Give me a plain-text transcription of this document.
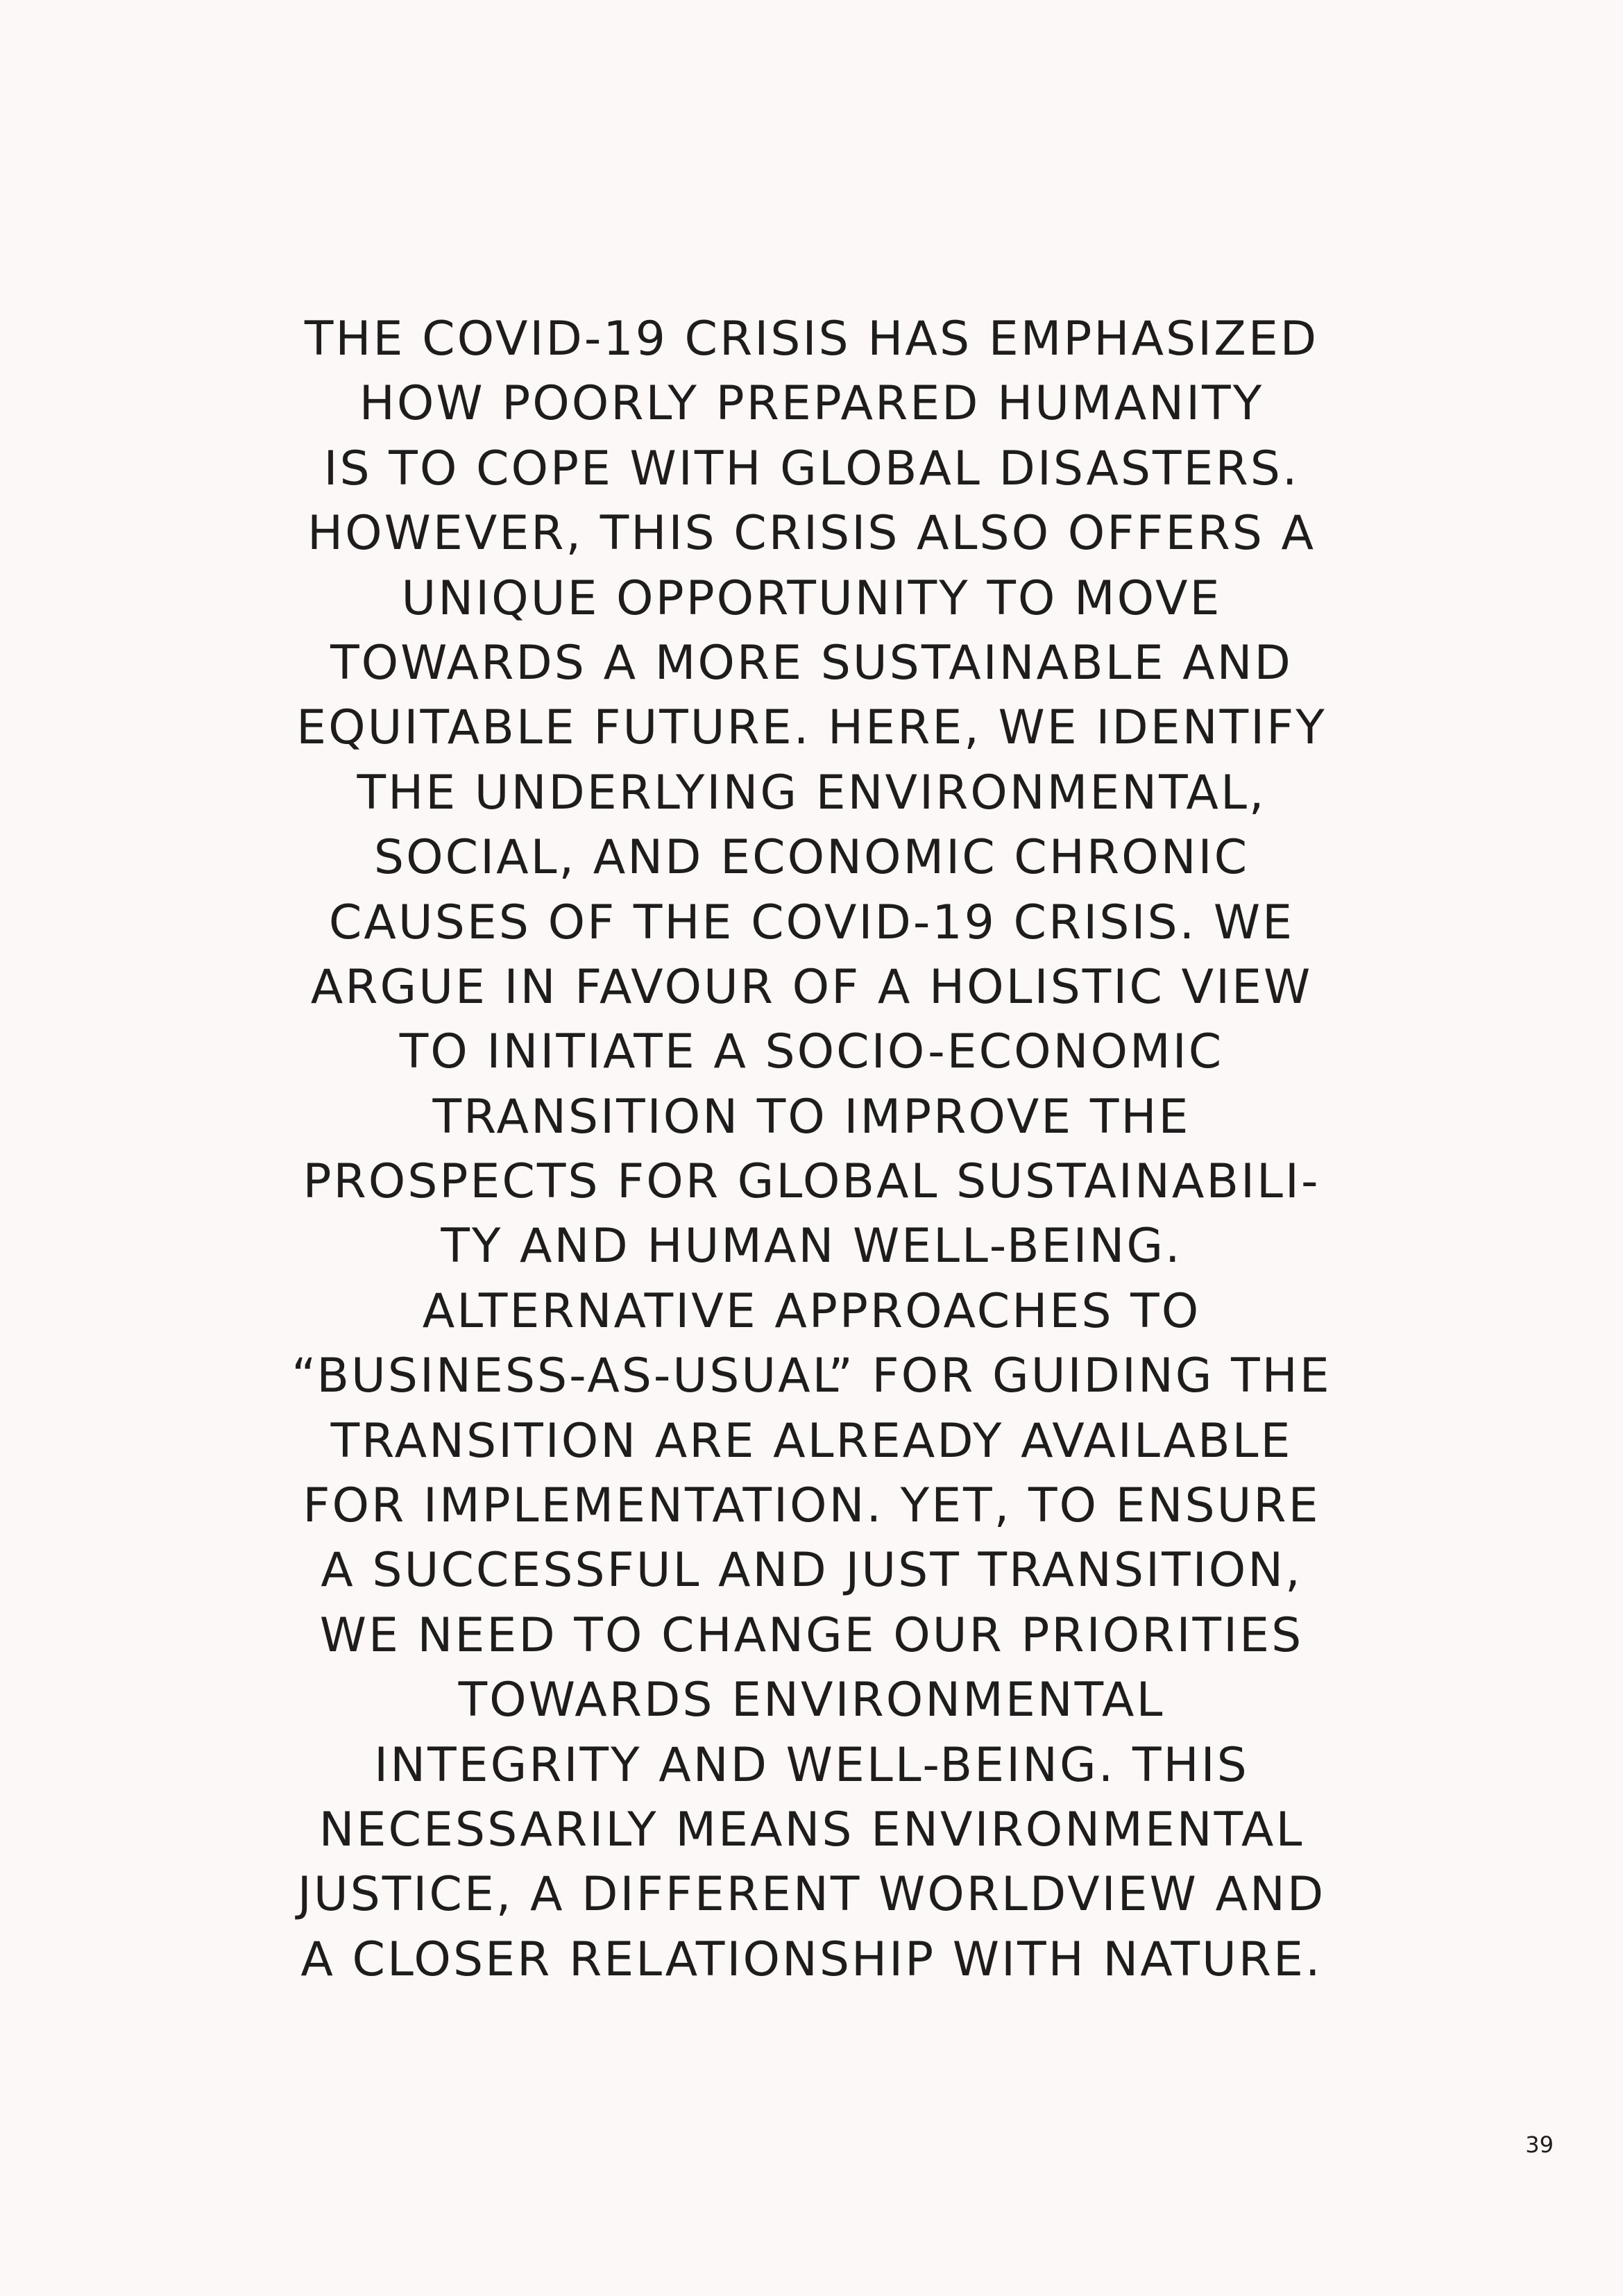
THE COVID-19 CRISIS HAS EMPHASIZED
HOW POORLY PREPARED HUMANITY
IS TO COPE WITH GLOBAL DISASTERS.
HOWEVER, THIS CRISIS ALSO OFFERS A
UNIQUE OPPORTUNITY TO MOVE
TOWARDS A MORE SUSTAINABLE AND
EQUITABLE FUTURE. HERE, WE IDENTIFY
THE UNDERLYING ENVIRONMENTAL,
SOCIAL, AND ECONOMIC CHRONIC
CAUSES OF THE COVID-19 CRISIS. WE
ARGUE IN FAVOUR OF A HOLISTIC VIEW
TO INITIATE A SOCIO-ECONOMIC
TRANSITION TO IMPROVE THE
PROSPECTS FOR GLOBAL SUSTAINABILI-
TY AND HUMAN WELL-BEING.
ALTERNATIVE APPROACHES TO
“BUSINESS-AS-USUAL” FOR GUIDING THE
TRANSITION ARE ALREADY AVAILABLE
FOR IMPLEMENTATION. YET, TO ENSURE
A SUCCESSFUL AND JUST TRANSITION,
WE NEED TO CHANGE OUR PRIORITIES
TOWARDS ENVIRONMENTAL
INTEGRITY AND WELL-BEING. THIS
NECESSARILY MEANS ENVIRONMENTAL
JUSTICE, A DIFFERENT WORLDVIEW AND
A CLOSER RELATIONSHIP WITH NATURE.
39
